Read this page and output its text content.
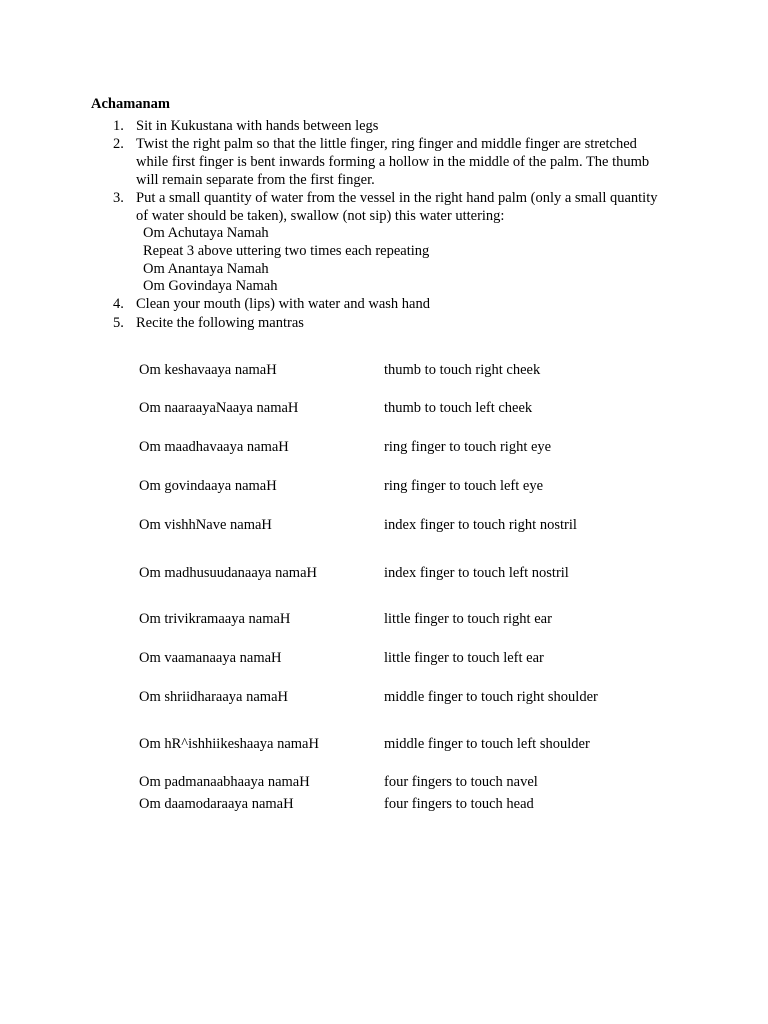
Achamanam
1. Sit in Kukustana with hands between legs
2. Twist the right palm so that the little finger, ring finger and middle finger are stretched
while first finger is bent inwards forming a hollow in the middle of the palm. The thumb
will remain separate from the first finger.
3. Put a small quantity of water from the vessel in the right hand palm (only a small quantity
of water should be taken), swallow (not sip) this water uttering:
Om Achutaya Namah
Repeat 3 above uttering two times each repeating
Om Anantaya Namah
Om Govindaya Namah
4. Clean your mouth (lips) with water and wash hand
5. Recite the following mantras
Om keshavaaya namaH	thumb to touch right cheek
Om naaraayaNaaya namaH	thumb to touch left cheek
Om maadhavaaya namaH	ring finger to touch right eye
Om govindaaya namaH	ring finger to touch left eye
Om vishhNave namaH	index finger to touch right nostril
Om madhusuudanaaya namaH	index finger to touch left nostril
Om trivikramaaya namaH	little finger to touch right ear
Om vaamanaaya namaH	little finger to touch left ear
Om shriidharaaya namaH	middle finger to touch right shoulder
Om hR^ishhiikeshaaya namaH	middle finger to touch left shoulder
Om padmanaabhaaya namaH	four fingers to touch navel
Om daamodaraaya namaH	four fingers to touch head
